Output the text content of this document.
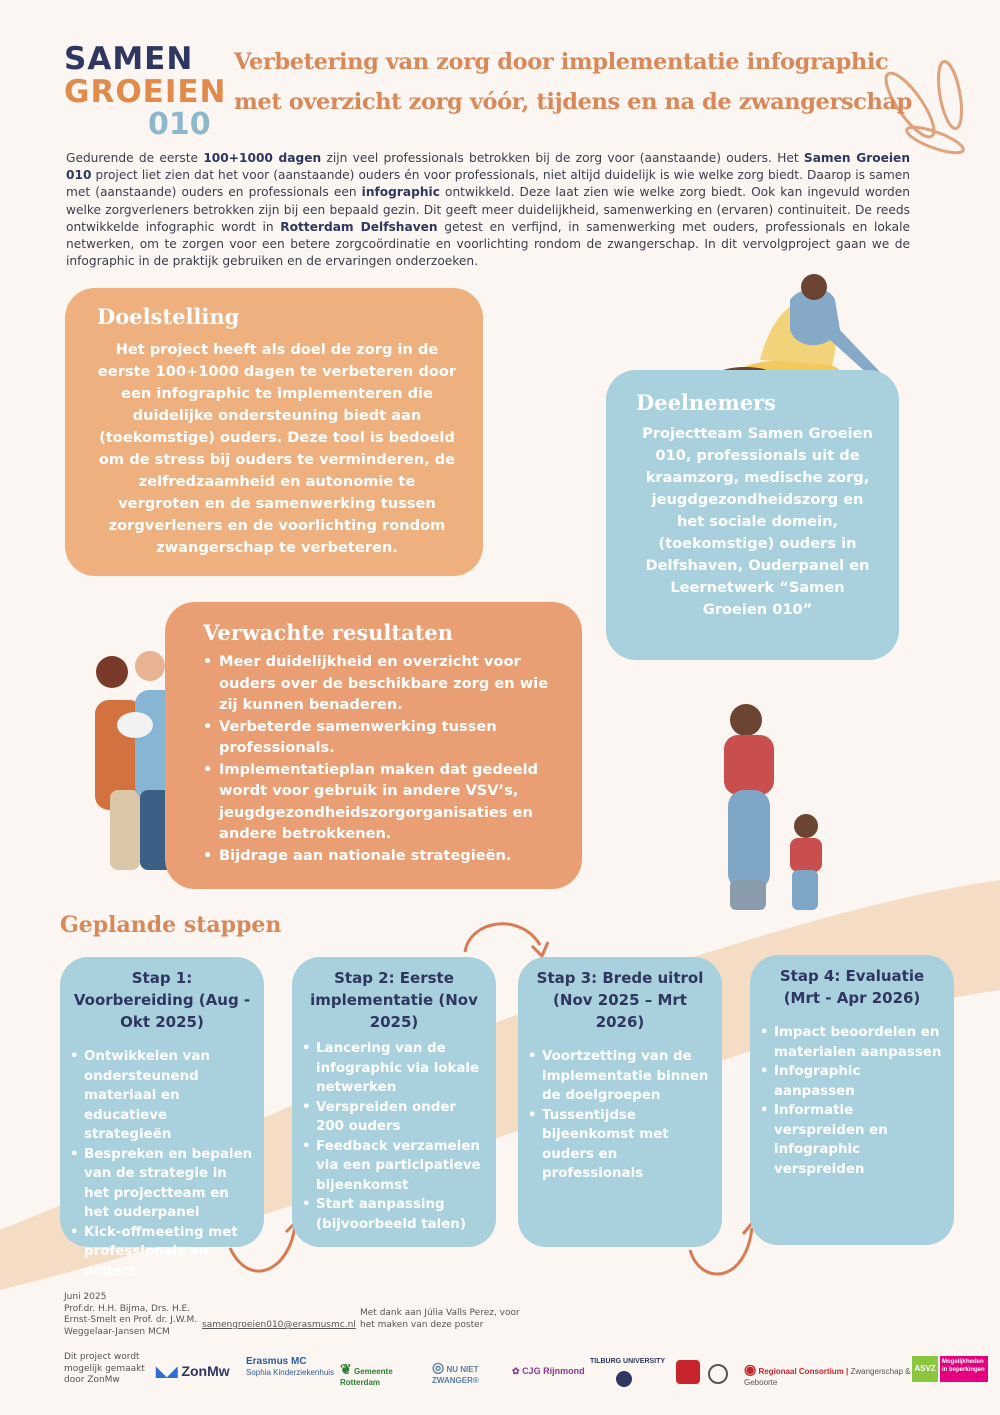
SAMEN
GROEIEN
010
Verbetering van zorg door implementatie infographic met overzicht zorg vóór, tijdens en na de zwangerschap

Gedurende de eerste 100+1000 dagen zijn veel professionals betrokken bij de zorg voor (aanstaande) ouders. Het Samen Groeien 010 project liet zien dat het voor (aanstaande) ouders én voor professionals, niet altijd duidelijk is wie welke zorg biedt. Daarop is samen met (aanstaande) ouders en professionals een infographic ontwikkeld. Deze laat zien wie welke zorg biedt. Ook kan ingevuld worden welke zorgverleners betrokken zijn bij een bepaald gezin. Dit geeft meer duidelijkheid, samenwerking en (ervaren) continuiteit. De reeds ontwikkelde infographic wordt in Rotterdam Delfshaven getest en verfijnd, in samenwerking met ouders, professionals en lokale netwerken, om te zorgen voor een betere zorgcoördinatie en voorlichting rondom de zwangerschap. In dit vervolgproject gaan we de infographic in de praktijk gebruiken en de ervaringen onderzoeken.

Doelstelling

Het project heeft als doel de zorg in de eerste 100+1000 dagen te verbeteren door een infographic te implementeren die duidelijke ondersteuning biedt aan (toekomstige) ouders. Deze tool is bedoeld om de stress bij ouders te verminderen, de zelfredzaamheid en autonomie te vergroten en de samenwerking tussen zorgverleners en de voorlichting rondom zwangerschap te verbeteren.

Deelnemers

Projectteam Samen Groeien 010, professionals uit de kraamzorg, medische zorg, jeugdgezondheidszorg en het sociale domein, (toekomstige) ouders in Delfshaven, Ouderpanel en Leernetwerk “Samen Groeien 010”

Verwachte resultaten
• Meer duidelijkheid en overzicht voor ouders over de beschikbare zorg en wie zij kunnen benaderen.
• Verbeterde samenwerking tussen professionals.
• Implementatieplan maken dat gedeeld wordt voor gebruik in andere VSV’s, jeugdgezondheidszorgorganisaties en andere betrokkenen.
• Bijdrage aan nationale strategieën.
Geplande stappen
Stap 1: Voorbereiding (Aug - Okt 2025)
• Ontwikkelen van ondersteunend materiaal en educatieve strategieën
• Bespreken en bepalen van de strategie in het projectteam en het ouderpanel
• Kick-offmeeting met professionals en ouders
Stap 2: Eerste implementatie (Nov 2025)
• Lancering van de infographic via lokale netwerken
• Verspreiden onder 200 ouders
• Feedback verzamelen via een participatieve bijeenkomst
• Start aanpassing (bijvoorbeeld talen)
Stap 3: Brede uitrol (Nov 2025 – Mrt 2026)
• Voortzetting van de implementatie binnen de doelgroepen
• Tussentijdse bijeenkomst met ouders en professionals
Stap 4: Evaluatie (Mrt - Apr 2026)
• Impact beoordelen en materialen aanpassen
• Infographic aanpassen
• Informatie verspreiden en infographic verspreiden
Juni 2025
Prof.dr. H.H. Bijma, Drs. H.E. Ernst-Smelt en Prof. dr. J.W.M. Weggelaar-Jansen MCM
samengroeien010@erasmusmc.nl
Met dank aan Júlia Valls Perez, voor het maken van deze poster
Dit project wordt mogelijk gemaakt door ZonMw
◣◢ ZonMw
Erasmus MC
Sophia Kinderziekenhuis ❦ Gemeente Rotterdam
◎ NU NIET ZWANGER®
✿ CJG Rijnmond
TILBURG UNIVERSITY	◉ Regionaal Consortium | Zwangerschap & Geboorte
ASVZ
Mogelijkheden in beperkingen
